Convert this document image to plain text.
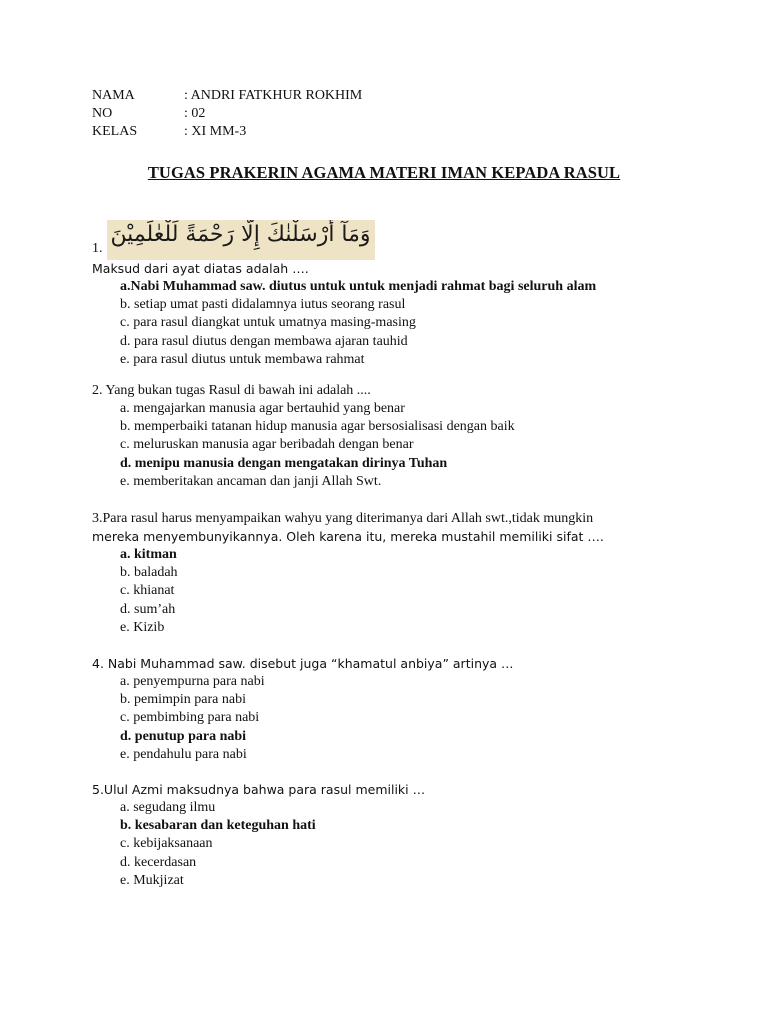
NAMA	: ANDRI FATKHUR ROKHIM
NO	: 02
KELAS	: XI MM-3
TUGAS PRAKERIN AGAMA MATERI IMAN KEPADA RASUL
1.
وَمَآ أَرْسَلْنٰكَ إِلَّا رَحْمَةً لِّلْعٰلَمِيْنَ
Maksud dari ayat diatas adalah ….
a.Nabi Muhammad saw. diutus untuk untuk menjadi rahmat bagi seluruh alam
b. setiap umat pasti didalamnya iutus seorang rasul
c. para rasul diangkat untuk umatnya masing-masing
d. para rasul diutus dengan membawa ajaran tauhid
e. para rasul diutus untuk membawa rahmat
2. Yang bukan tugas Rasul di bawah ini adalah ....
a. mengajarkan manusia agar bertauhid yang benar
b. memperbaiki tatanan hidup manusia agar bersosialisasi dengan baik
c. meluruskan manusia agar beribadah dengan benar
d. menipu manusia dengan mengatakan dirinya Tuhan
e. memberitakan ancaman dan janji Allah Swt.
3.Para rasul harus menyampaikan wahyu yang diterimanya dari Allah swt.,tidak mungkin
mereka menyembunyikannya. Oleh karena itu, mereka mustahil memiliki sifat ….
a. kitman
b. baladah
c. khianat
d. sum’ah
e. Kizib
4. Nabi Muhammad saw. disebut juga “khamatul anbiya” artinya …
a. penyempurna para nabi
b. pemimpin para nabi
c. pembimbing para nabi
d. penutup para nabi
e. pendahulu para nabi
5.Ulul Azmi maksudnya bahwa para rasul memiliki …
a. segudang ilmu
b. kesabaran dan keteguhan hati
c. kebijaksanaan
d. kecerdasan
e. Mukjizat
